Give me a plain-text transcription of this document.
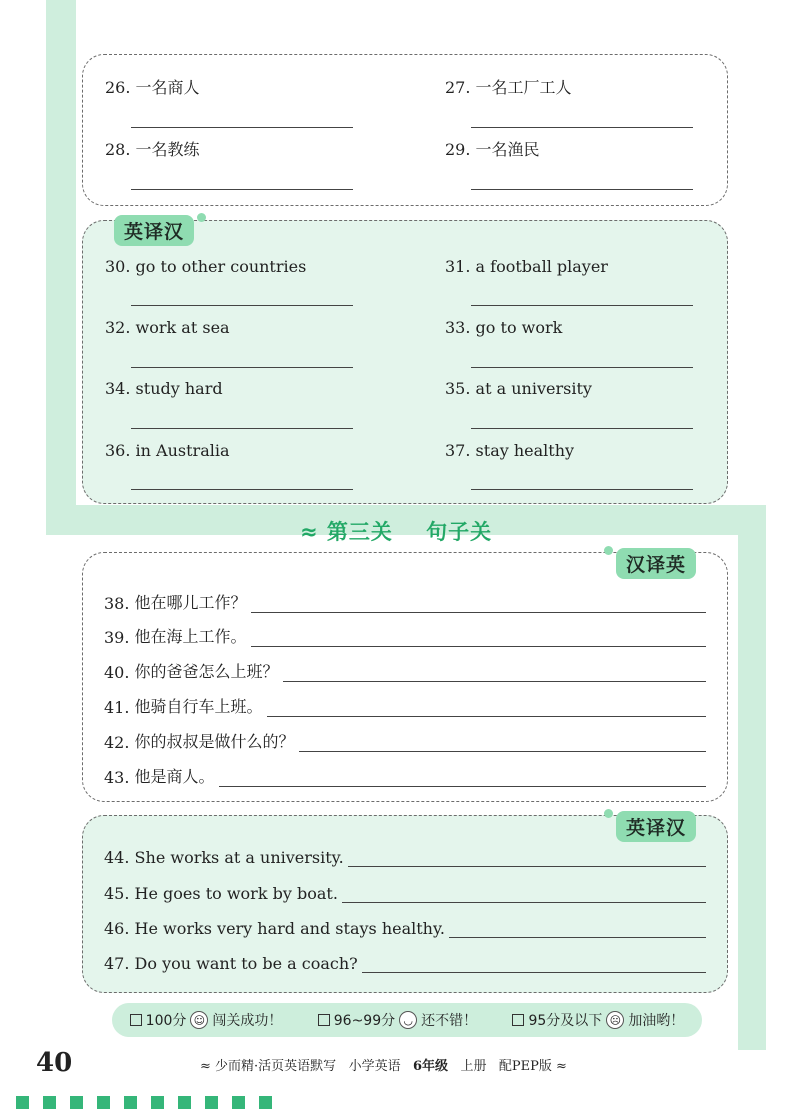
26. 一名商人	27. 一名工厂工人
28. 一名教练	29. 一名渔民
30. go to other countries	31. a football player
32. work at sea	33. go to work
34. study hard	35. at a university
36. in Australia	37. stay healthy
英译汉
≈ 第三关 句子关
汉译英
38.
他在哪儿工作？
39.
他在海上工作。
40.
你的爸爸怎么上班？
41.
他骑自行车上班。
42.
你的叔叔是做什么的？
43.
他是商人。
英译汉
44.
She works at a university.
45.
He goes to work by boat.
46.
He works very hard and stays healthy.
47.
Do you want to be a coach?
100分 ☺ 闯关成功！	96~99分 ◡ 还不错！	95分及以下 ☹ 加油哟！
40	≈ 少而精·活页英语默写 小学英语 6年级 上册 配PEP版 ≈
